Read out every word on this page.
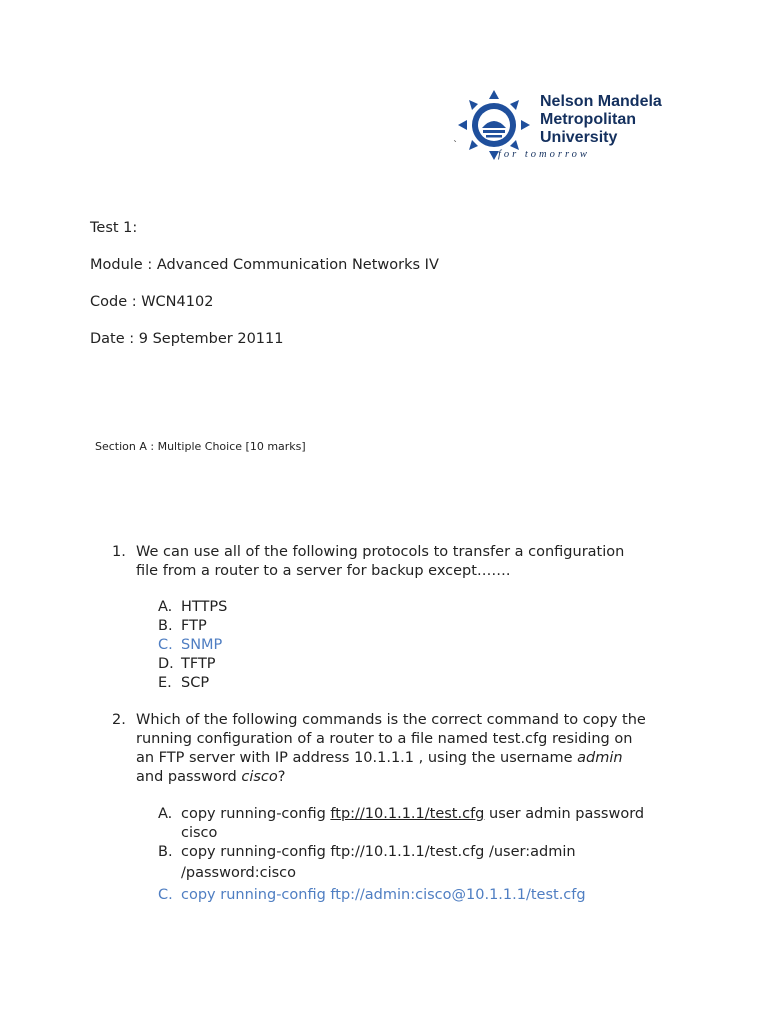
Nelson Mandela
Metropolitan
University
for tomorrow
`
Test 1:
Module : Advanced Communication Networks IV
Code : WCN4102
Date : 9 September 20111
Section A : Multiple Choice [10 marks]
1. We can use all of the following protocols to transfer a configuration
file from a router to a server for backup except…….
A. HTTPS
B. FTP
C. SNMP
D. TFTP
E. SCP
2. Which of the following commands is the correct command to copy the
running configuration of a router to a file named test.cfg residing on
an FTP server with IP address 10.1.1.1 , using the username admin
and password cisco?
A. copy running-config ftp://10.1.1.1/test.cfg user admin password
cisco
B. copy running-config ftp://10.1.1.1/test.cfg /user:admin
/password:cisco
C. copy running-config ftp://admin:cisco@10.1.1.1/test.cfg
